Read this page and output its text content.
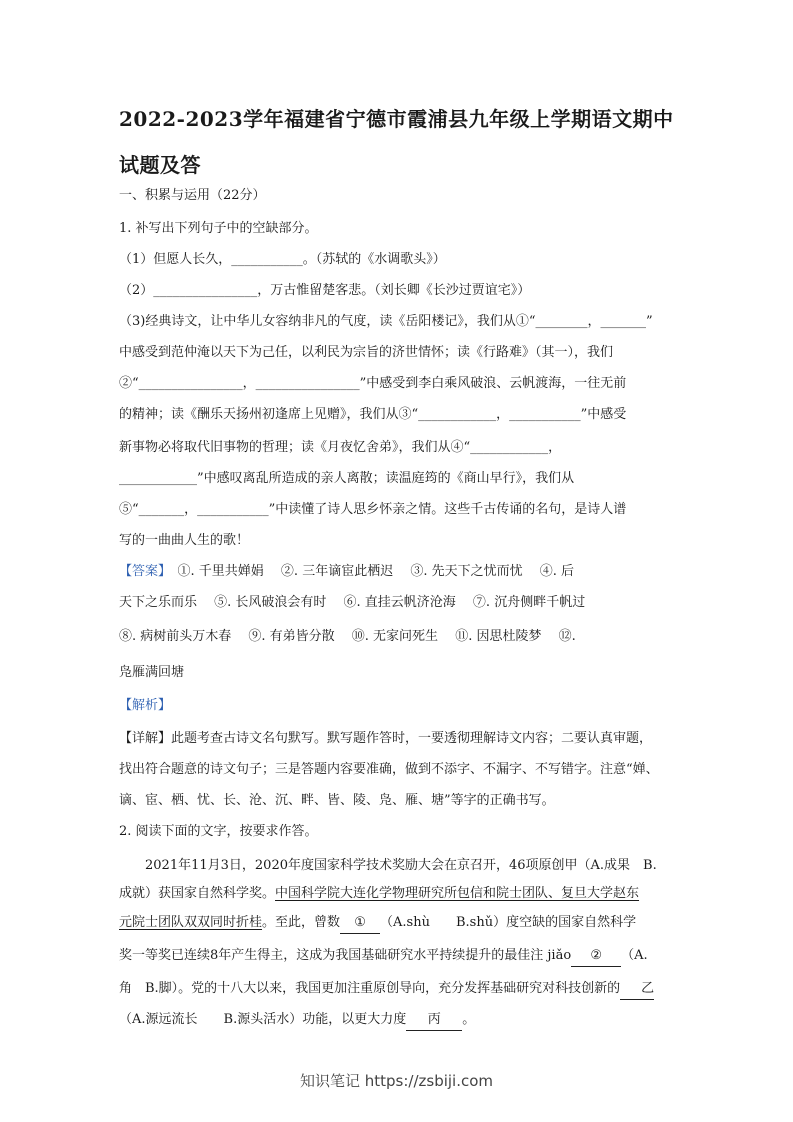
2022-2023学年福建省宁德市霞浦县九年级上学期语文期中
试题及答
一、积累与运用（22分）
1. 补写出下列句子中的空缺部分。
（1）但愿人长久，___________。（苏轼的《水调歌头》）
（2）________________，万古惟留楚客悲。（刘长卿《长沙过贾谊宅》）
（3)经典诗文，让中华儿女容纳非凡的气度，读《岳阳楼记》，我们从①“________，_______”
中感受到范仲淹以天下为己任，以利民为宗旨的济世情怀；读《行路难》（其一），我们
②“________________，________________”中感受到李白乘风破浪、云帆渡海，一往无前
的精神；读《酬乐天扬州初逢席上见赠》，我们从③“____________，___________”中感受
新事物必将取代旧事物的哲理；读《月夜忆舍弟》，我们从④“____________，
____________”中感叹离乱所造成的亲人离散；读温庭筠的《商山早行》，我们从
⑤“_______，___________”中读懂了诗人思乡怀亲之情。这些千古传诵的名句，是诗人谱
写的一曲曲人生的歌！
【答案】　 ①. 千里共婵娟　 ②. 三年谪宦此栖迟　 ③. 先天下之忧而忧　 ④. 后
天下之乐而乐　 ⑤. 长风破浪会有时　 ⑥. 直挂云帆济沧海　 ⑦. 沉舟侧畔千帆过
⑧. 病树前头万木春　 ⑨. 有弟皆分散　 ⑩. 无家问死生　 ⑪. 因思杜陵梦　 ⑫.
凫雁满回塘
【解析】
【详解】此题考查古诗文名句默写。默写题作答时，一要透彻理解诗文内容；二要认真审题，
找出符合题意的诗文句子；三是答题内容要准确，做到不添字、不漏字、不写错字。注意“婵、
谪、宦、栖、忧、长、沧、沉、畔、皆、陵、凫、雁、塘”等字的正确书写。
2. 阅读下面的文字，按要求作答。
　　2021年11月3日，2020年度国家科学技术奖励大会在京召开，46项原创甲（A.成果　B.
成就）获国家自然科学奖。中国科学院大连化学物理研究所包信和院士团队、复旦大学赵东
元院士团队双双同时折桂。至此，曾数 ① （A.shù　　B.shǔ）度空缺的国家自然科学
奖一等奖已连续8年产生得主，这成为我国基础研究水平持续提升的最佳注 jiǎo ② （A.
角　B.脚）。党的十八大以来，我国更加注重原创导向，充分发挥基础研究对科技创新的 乙
（A.源远流长　　B.源头活水）功能，以更大力度 丙 。
知识笔记 https://zsbiji.com
